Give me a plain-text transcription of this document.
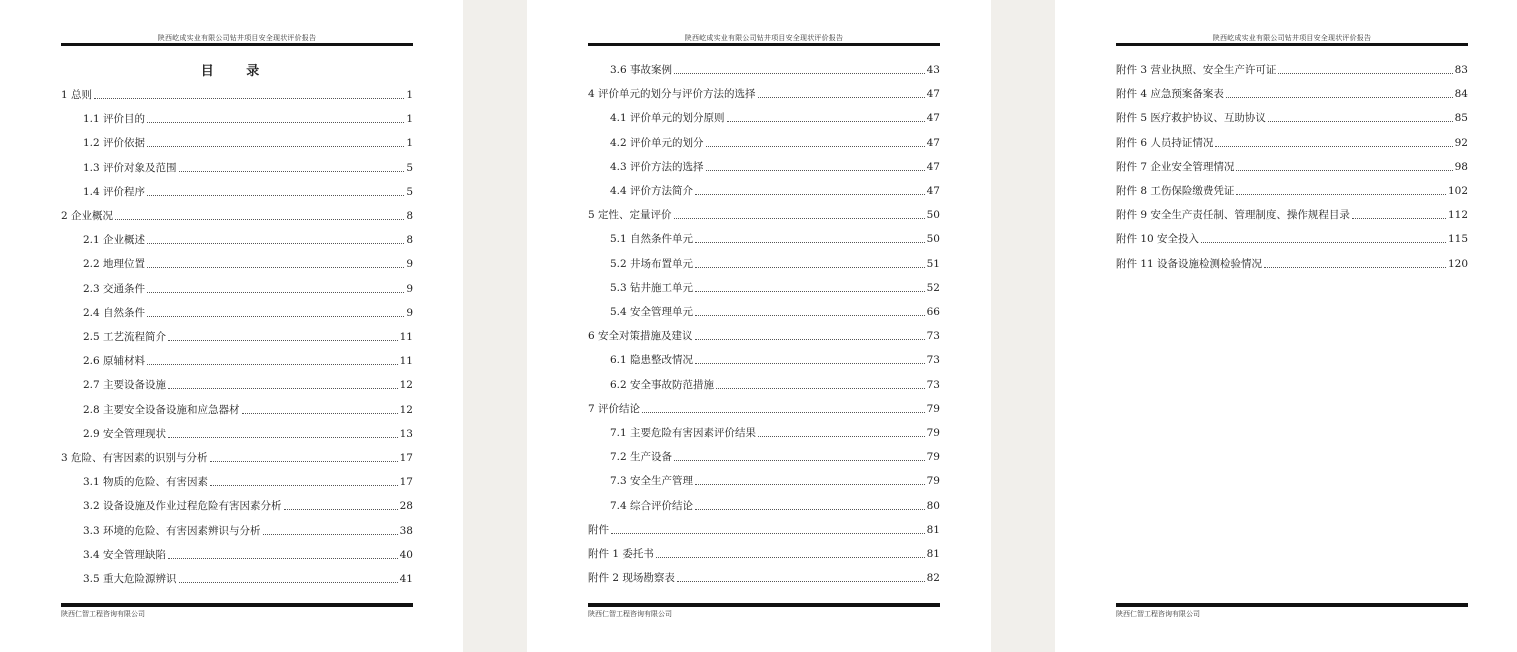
陕西屹成实业有限公司钻井项目安全现状评价报告
目 录
1 总则	1
1.1 评价目的	1
1.2 评价依据	1
1.3 评价对象及范围	5
1.4 评价程序	5
2 企业概况	8
2.1 企业概述	8
2.2 地理位置	9
2.3 交通条件	9
2.4 自然条件	9
2.5 工艺流程简介	11
2.6 原辅材料	11
2.7 主要设备设施	12
2.8 主要安全设备设施和应急器材	12
2.9 安全管理现状	13
3 危险、有害因素的识别与分析	17
3.1 物质的危险、有害因素	17
3.2 设备设施及作业过程危险有害因素分析	28
3.3 环境的危险、有害因素辨识与分析	38
3.4 安全管理缺陷	40
3.5 重大危险源辨识	41
陕西仁智工程咨询有限公司
陕西屹成实业有限公司钻井项目安全现状评价报告
3.6 事故案例	43
4 评价单元的划分与评价方法的选择	47
4.1 评价单元的划分原则	47
4.2 评价单元的划分	47
4.3 评价方法的选择	47
4.4 评价方法简介	47
5 定性、定量评价	50
5.1 自然条件单元	50
5.2 井场布置单元	51
5.3 钻井施工单元	52
5.4 安全管理单元	66
6 安全对策措施及建议	73
6.1 隐患整改情况	73
6.2 安全事故防范措施	73
7 评价结论	79
7.1 主要危险有害因素评价结果	79
7.2 生产设备	79
7.3 安全生产管理	79
7.4 综合评价结论	80
附件	81
附件 1 委托书	81
附件 2 现场勘察表	82
陕西仁智工程咨询有限公司
陕西屹成实业有限公司钻井项目安全现状评价报告
附件 3 营业执照、安全生产许可证	83
附件 4 应急预案备案表	84
附件 5 医疗救护协议、互助协议	85
附件 6 人员持证情况	92
附件 7 企业安全管理情况	98
附件 8 工伤保险缴费凭证	102
附件 9 安全生产责任制、管理制度、操作规程目录	112
附件 10 安全投入	115
附件 11 设备设施检测检验情况	120
陕西仁智工程咨询有限公司
